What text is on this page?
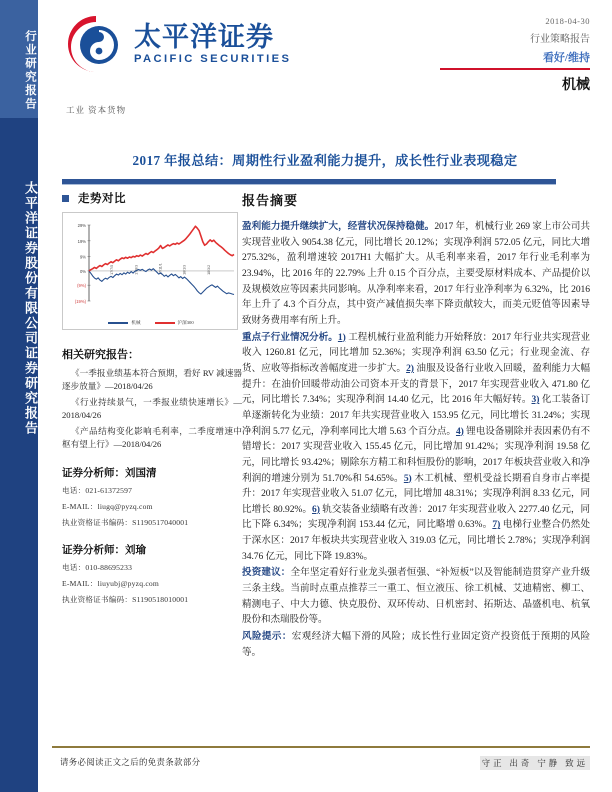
行业研究报告
太平洋证券股份有限公司证券研究报告
太平洋证券
PACIFIC SECURITIES
工业 资本货物
2018-04-30
行业策略报告
看好/维持
机械
2017 年报总结：周期性行业盈利能力提升，成长性行业表现稳定
走势对比
29%
19%
9%
0%
(9%)
(19%)
17/7/5	17/8/3	17/11/1	18/1/3	18/3/2
机械	沪深300
相关研究报告：
《一季报业绩基本符合预期，看好 RV 减速器逐步放量》—2018/04/26
《行业持续景气，一季报业绩快速增长》—2018/04/26
《产品结构变化影响毛利率，二季度增速中枢有望上行》—2018/04/26
证券分析师：刘国清
电话：021-61372597
E-MAIL：liugq@pyzq.com
执业资格证书编码：S1190517040001
证券分析师：刘瑜
电话：010-88695233
E-MAIL：liuyubj@pyzq.com
执业资格证书编码：S1190518010001
报告摘要
盈利能力提升继续扩大，经营状况保持稳健。2017 年，机械行业 269 家上市公司共实现营业收入 9054.38 亿元，同比增长 20.12%；实现净利润 572.05 亿元，同比大增 275.32%，盈利增速较 2017H1 大幅扩大。从毛利率来看，2017 年行业毛利率为 23.94%，比 2016 年的 22.79% 上升 0.15 个百分点，主要受原材料成本、产品提价以及规模效应等因素共同影响。从净利率来看，2017 年行业净利率为 6.32%，比 2016 年上升了 4.3 个百分点，其中资产减值损失率下降贡献较大，而美元贬值等因素导致财务费用率有所上升。
重点子行业情况分析。1) 工程机械行业盈利能力开始释放：2017 年行业共实现营业收入 1260.81 亿元，同比增加 52.36%；实现净利润 63.50 亿元；行业现金流、存货、应收等指标改善幅度进一步扩大。2) 油服及设备行业收入回暖，盈利能力大幅提升：在油价回暖带动油公司资本开支的背景下，2017 年实现营业收入 471.80 亿元，同比增长 7.34%；实现净利润 14.40 亿元，比 2016 年大幅好转。3) 化工装备订单逐渐转化为业绩：2017 年共实现营业收入 153.95 亿元，同比增长 31.24%；实现净利润 5.77 亿元，净利率同比大增 5.63 个百分点。4) 锂电设备剔除并表因素仍有不错增长：2017 实现营业收入 155.45 亿元，同比增加 91.42%；实现净利润 19.58 亿元，同比增长 93.42%；剔除东方精工和科恒股份的影响，2017 年板块营业收入和净利润的增速分别为 51.70%和 54.65%。5) 木工机械、塑机受益长期看自身市占率提升：2017 年实现营业收入 51.07 亿元，同比增加 48.31%；实现净利润 8.33 亿元，同比增长 80.92%。6) 轨交装备业绩略有改善：2017 年实现营业收入 2277.40 亿元，同比下降 6.34%；实现净利润 153.44 亿元，同比略增 0.63%。7) 电梯行业整合仍然处于深水区：2017 年板块共实现营业收入 319.03 亿元，同比增长 2.78%；实现净利润 34.76 亿元，同比下降 19.83%。
投资建议：全年坚定看好行业龙头强者恒强、“补短板”以及智能制造贯穿产业升级三条主线。当前时点重点推荐三一重工、恒立液压、徐工机械、艾迪精密、柳工、精测电子、中大力德、快克股份、双环传动、日机密封、拓斯达、晶盛机电、杭氧股份和杰瑞股份等。
风险提示：宏观经济大幅下滑的风险；成长性行业固定资产投资低于预期的风险等。
请务必阅读正文之后的免责条款部分	守正 出奇 宁静 致远
